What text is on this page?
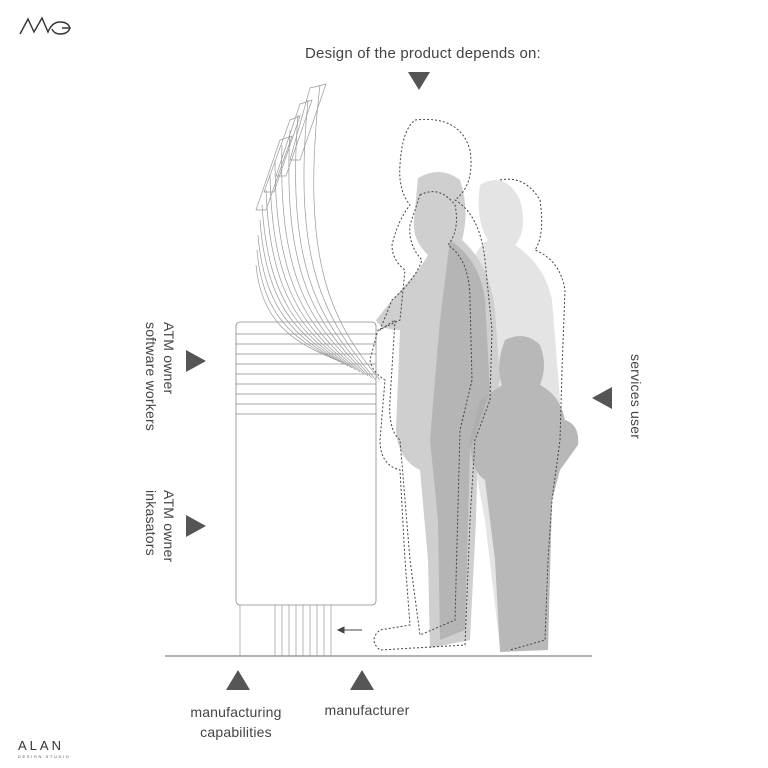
Design of the product depends on:
ATM owner
software workers
ATM owner
inkasators
services user
manufacturing
capabilities
manufacturer
ALAN
DESIGN STUDIO
